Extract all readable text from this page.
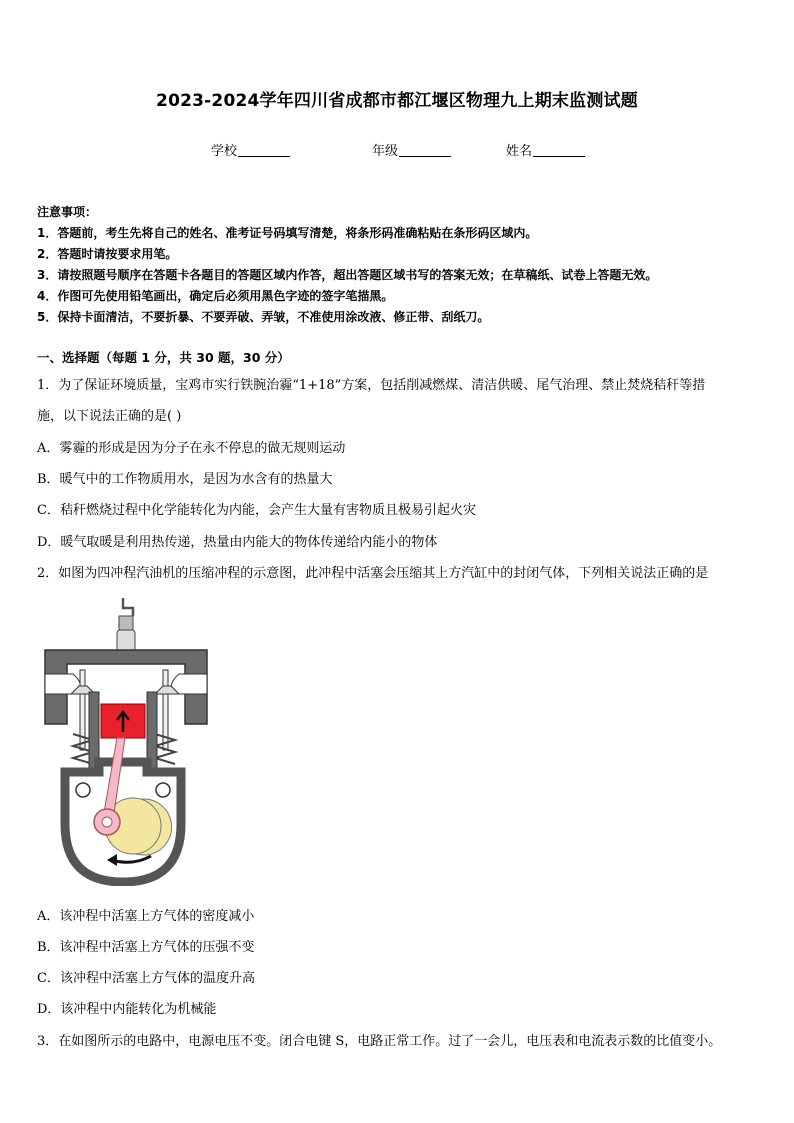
2023-2024学年四川省成都市都江堰区物理九上期末监测试题
学校	年级	姓名
注意事项：
1．答题前，考生先将自己的姓名、准考证号码填写清楚，将条形码准确粘贴在条形码区域内。
2．答题时请按要求用笔。
3．请按照题号顺序在答题卡各题目的答题区域内作答，超出答题区域书写的答案无效；在草稿纸、试卷上答题无效。
4．作图可先使用铅笔画出，确定后必须用黑色字迹的签字笔描黑。
5．保持卡面清洁，不要折暴、不要弄破、弄皱，不准使用涂改液、修正带、刮纸刀。
一、选择题（每题 1 分，共 30 题，30 分）
1．为了保证环境质量，宝鸡市实行铁腕治霾“1+18”方案，包括削减燃煤、清洁供暖、尾气治理、禁止焚烧秸秆等措
施，以下说法正确的是( )
A．雾霾的形成是因为分子在永不停息的做无规则运动
B．暖气中的工作物质用水，是因为水含有的热量大
C．秸秆燃烧过程中化学能转化为内能，会产生大量有害物质且极易引起火灾
D．暖气取暖是利用热传递，热量由内能大的物体传递给内能小的物体
2．如图为四冲程汽油机的压缩冲程的示意图，此冲程中活塞会压缩其上方汽缸中的封闭气体，下列相关说法正确的是
A．该冲程中活塞上方气体的密度减小
B．该冲程中活塞上方气体的压强不变
C．该冲程中活塞上方气体的温度升高
D．该冲程中内能转化为机械能
3．在如图所示的电路中，电源电压不变。闭合电键 S，电路正常工作。过了一会儿，电压表和电流表示数的比值变小。
